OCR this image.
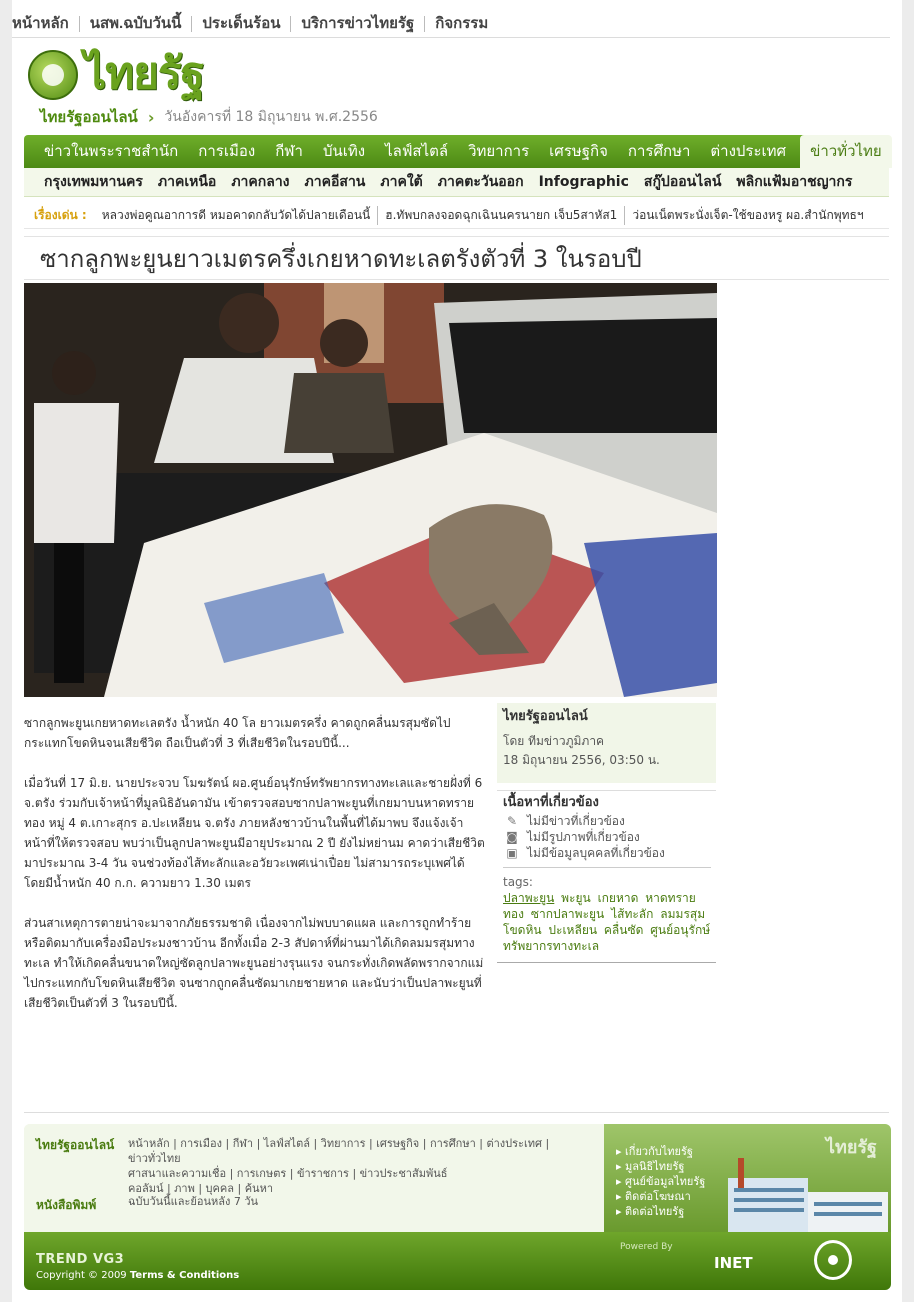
หน้าหลัก	นสพ.ฉบับวันนี้	ประเด็นร้อน	บริการข่าวไทยรัฐ	กิจกรรม
ไทยรัฐ
ไทยรัฐออนไลน์ › วันอังคารที่ 18 มิถุนายน พ.ศ.2556
ข่าวในพระราชสำนัก	การเมือง	กีฬา	บันเทิง	ไลฟ์สไตล์	วิทยาการ	เศรษฐกิจ	การศึกษา	ต่างประเทศ	ข่าวทั่วไทย
กรุงเทพมหานคร	ภาคเหนือ	ภาคกลาง	ภาคอีสาน	ภาคใต้	ภาคตะวันออก	Infographic	สกู๊ปออนไลน์	พลิกแฟ้มอาชญากร
เรื่องเด่น :	หลวงพ่อคูณอาการดี หมอคาดกลับวัดได้ปลายเดือนนี้	ฮ.ทัพบกลงจอดฉุกเฉินนครนายก เจ็บ5สาหัส1	ว่อนเน็ตพระนั่งเจ็ต-ใช้ของหรู ผอ.สำนักพุทธฯ
ซากลูกพะยูนยาวเมตรครึ่งเกยหาดทะเลตรังตัวที่ 3 ในรอบปี

ซากลูกพะยูนเกยหาดทะเลตรัง น้ำหนัก 40 โล ยาวเมตรครึ่ง คาดถูกคลื่นมรสุมซัดไปกระแทกโขดหินจนเสียชีวิต ถือเป็นตัวที่ 3 ที่เสียชีวิตในรอบปีนี้...

เมื่อวันที่ 17 มิ.ย. นายประจวบ โมฆรัตน์ ผอ.ศูนย์อนุรักษ์ทรัพยากรทางทะเลและชายฝั่งที่ 6 จ.ตรัง ร่วมกับเจ้าหน้าที่มูลนิธิอันดามัน เข้าตรวจสอบซากปลาพะยูนที่เกยมาบนหาดทรายทอง หมู่ 4 ต.เกาะสุกร อ.ปะเหลียน จ.ตรัง ภายหลังชาวบ้านในพื้นที่ได้มาพบ จึงแจ้งเจ้าหน้าที่ให้ตรวจสอบ พบว่าเป็นลูกปลาพะยูนมีอายุประมาณ 2 ปี ยังไม่หย่านม คาดว่าเสียชีวิตมาประมาณ 3-4 วัน จนช่วงท้องไส้ทะลักและอวัยวะเพศเน่าเปื่อย ไม่สามารถระบุเพศได้ โดยมีน้ำหนัก 40 ก.ก. ความยาว 1.30 เมตร

ส่วนสาเหตุการตายน่าจะมาจากภัยธรรมชาติ เนื่องจากไม่พบบาดแผล และการถูกทำร้ายหรือติดมากับเครื่องมือประมงชาวบ้าน อีกทั้งเมื่อ 2-3 สัปดาห์ที่ผ่านมาได้เกิดลมมรสุมทางทะเล ทำให้เกิดคลื่นขนาดใหญ่ซัดลูกปลาพะยูนอย่างรุนแรง จนกระทั่งเกิดพลัดพรากจากแม่ไปกระแทกกับโขดหินเสียชีวิต จนซากถูกคลื่นซัดมาเกยชายหาด และนับว่าเป็นปลาพะยูนที่เสียชีวิตเป็นตัวที่ 3 ในรอบปีนี้.

ไทยรัฐออนไลน์
โดย ทีมข่าวภูมิภาค
18 มิถุนายน 2556, 03:50 น.
เนื้อหาที่เกี่ยวข้อง
✎ ไม่มีข่าวที่เกี่ยวข้อง
◙ ไม่มีรูปภาพที่เกี่ยวข้อง
▣ ไม่มีข้อมูลบุคคลที่เกี่ยวข้อง
tags:
ปลาพะยูน พะยูน เกยหาด หาดทรายทอง ซากปลาพะยูน ไส้ทะลัก ลมมรสุม โขดหิน ปะเหลียน คลื่นซัด ศูนย์อนุรักษ์ทรัพยากรทางทะเล
ไทยรัฐออนไลน์ หน้าหลัก | การเมือง | กีฬา | ไลฟ์สไตล์ | วิทยาการ | เศรษฐกิจ | การศึกษา | ต่างประเทศ | ข่าวทั่วไทย
ศาสนาและความเชื่อ | การเกษตร | ข้าราชการ | ข่าวประชาสัมพันธ์
คอลัมน์ | ภาพ | บุคคล | ค้นหา
หนังสือพิมพ์	ฉบับวันนี้และย้อนหลัง 7 วัน
ไทยรัฐ
▸ เกี่ยวกับไทยรัฐ
▸ มูลนิธิไทยรัฐ
▸ ศูนย์ข้อมูลไทยรัฐ
▸ ติดต่อโฆษณา
▸ ติดต่อไทยรัฐ
TREND VG3
Copyright © 2009 Terms & Conditions
Powered By
INET
